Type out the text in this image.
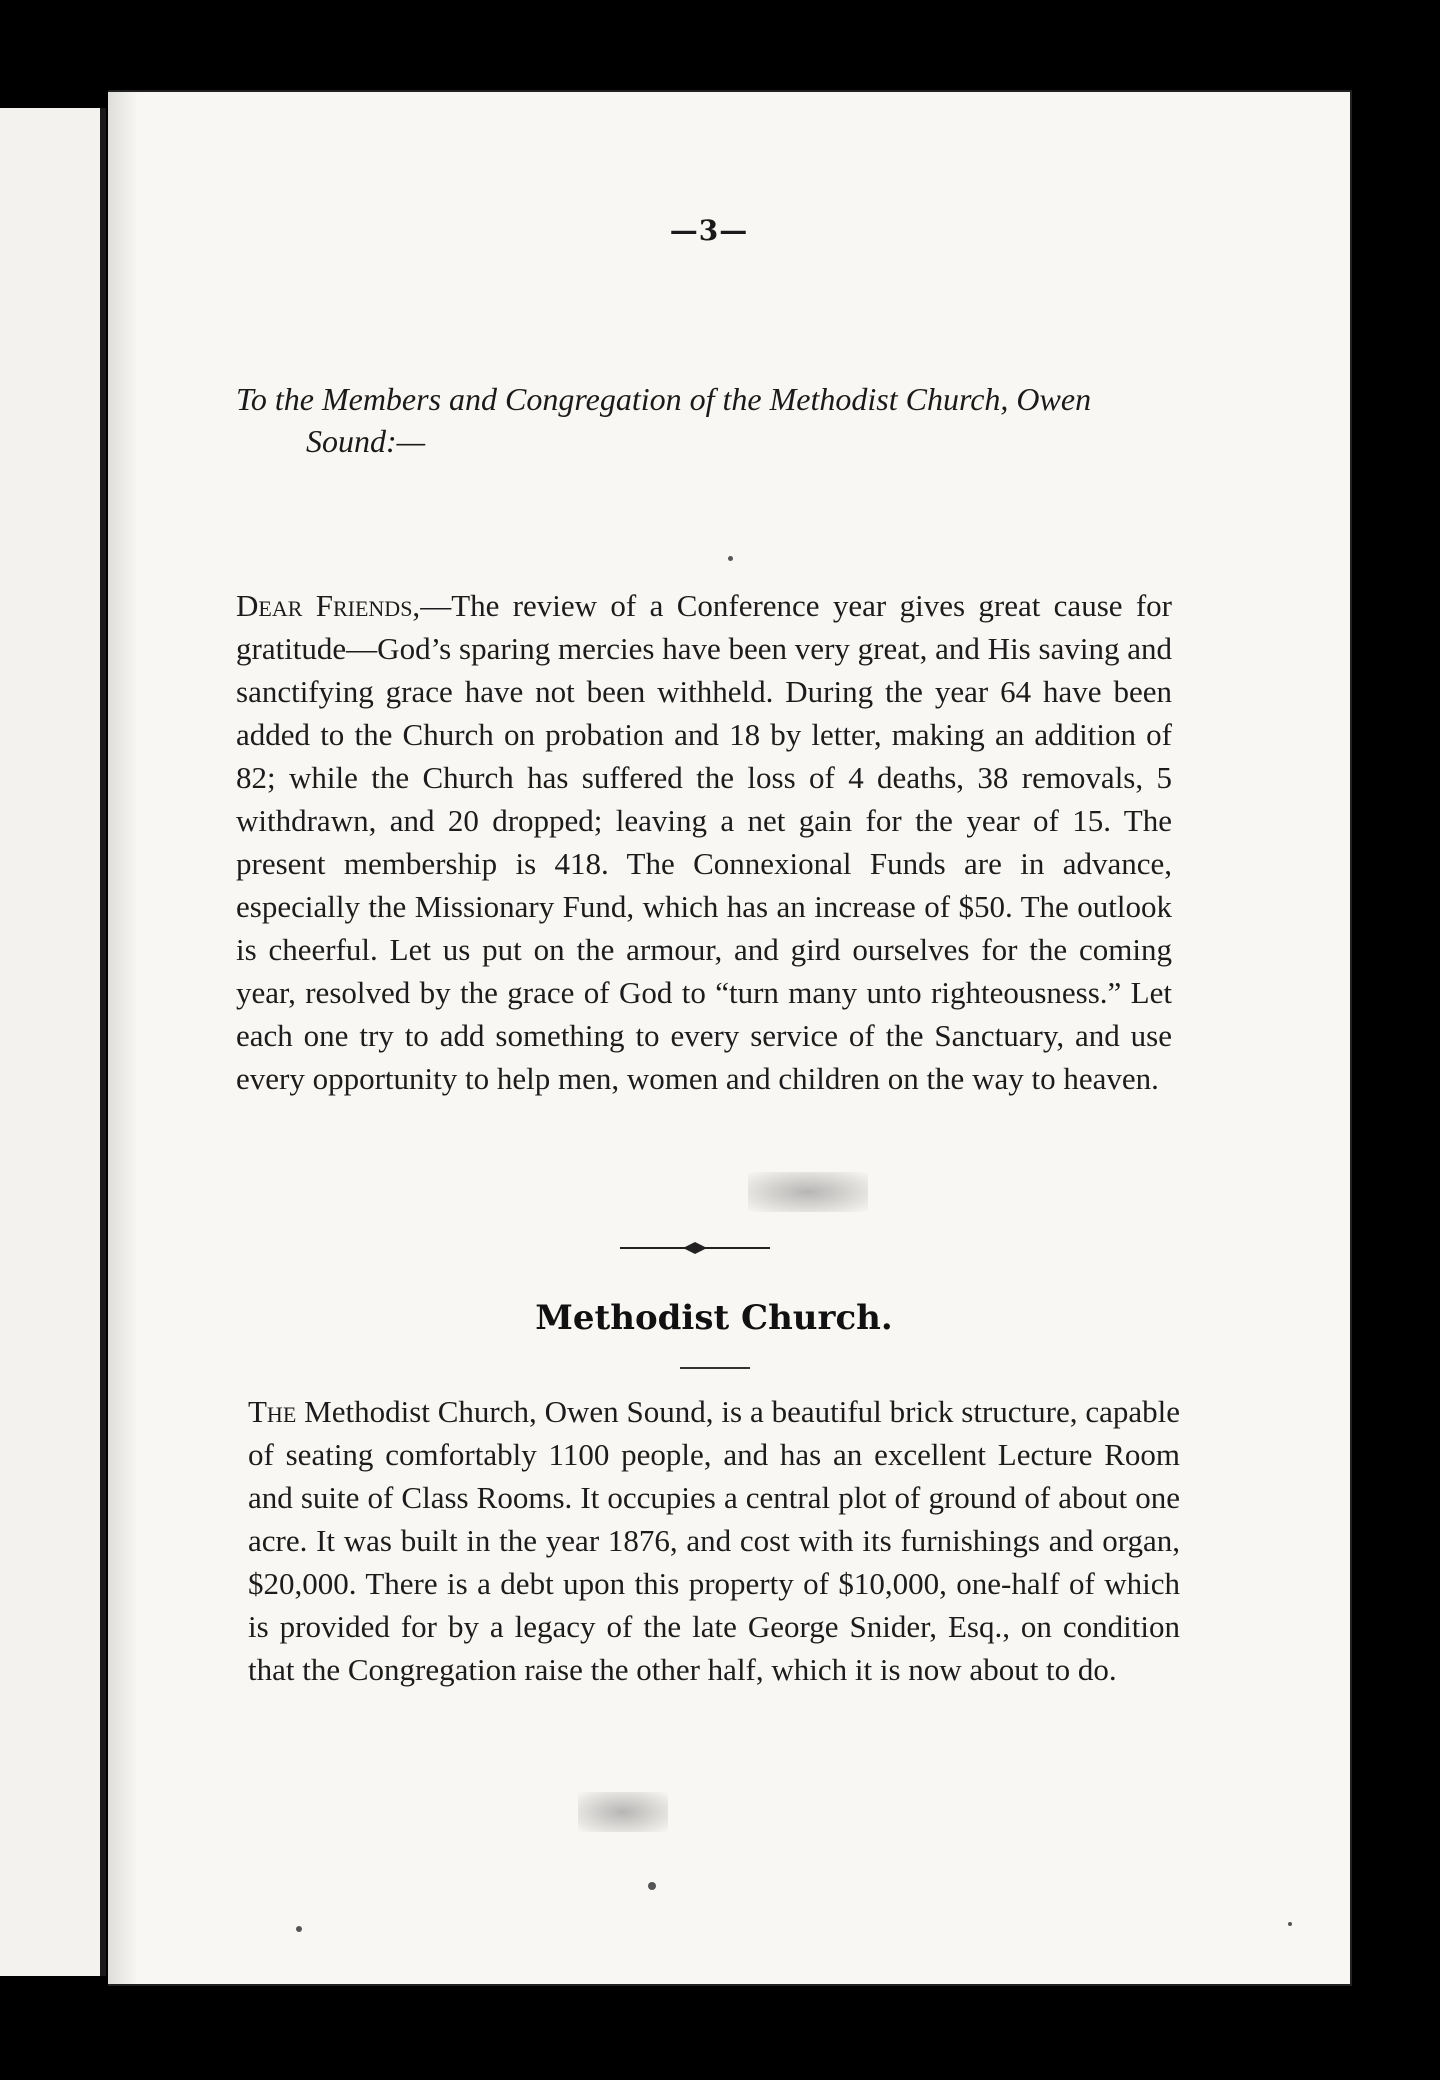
—3—
To the Members and Congregation of the Methodist Church, Owen
Sound:—
Dear Friends,—The review of a Conference year gives great cause for gratitude—God’s sparing mercies have been very great, and His saving and sanctifying grace have not been withheld. During the year 64 have been added to the Church on probation and 18 by letter, making an addition of 82; while the Church has suffered the loss of 4 deaths, 38 removals, 5 withdrawn, and 20 dropped; leaving a net gain for the year of 15. The present membership is 418. The Connexional Funds are in advance, especially the Missionary Fund, which has an increase of $50. The outlook is cheerful. Let us put on the armour, and gird ourselves for the coming year, resolved by the grace of God to “turn many unto righteousness.” Let each one try to add something to every service of the Sanctuary, and use every opportunity to help men, women and children on the way to heaven.
Methodist Church.
The Methodist Church, Owen Sound, is a beautiful brick structure, capable of seating comfortably 1100 people, and has an excellent Lecture Room and suite of Class Rooms. It occupies a central plot of ground of about one acre. It was built in the year 1876, and cost with its furnishings and organ, $20,000. There is a debt upon this property of $10,000, one-half of which is provided for by a legacy of the late George Snider, Esq., on condition that the Congregation raise the other half, which it is now about to do.
